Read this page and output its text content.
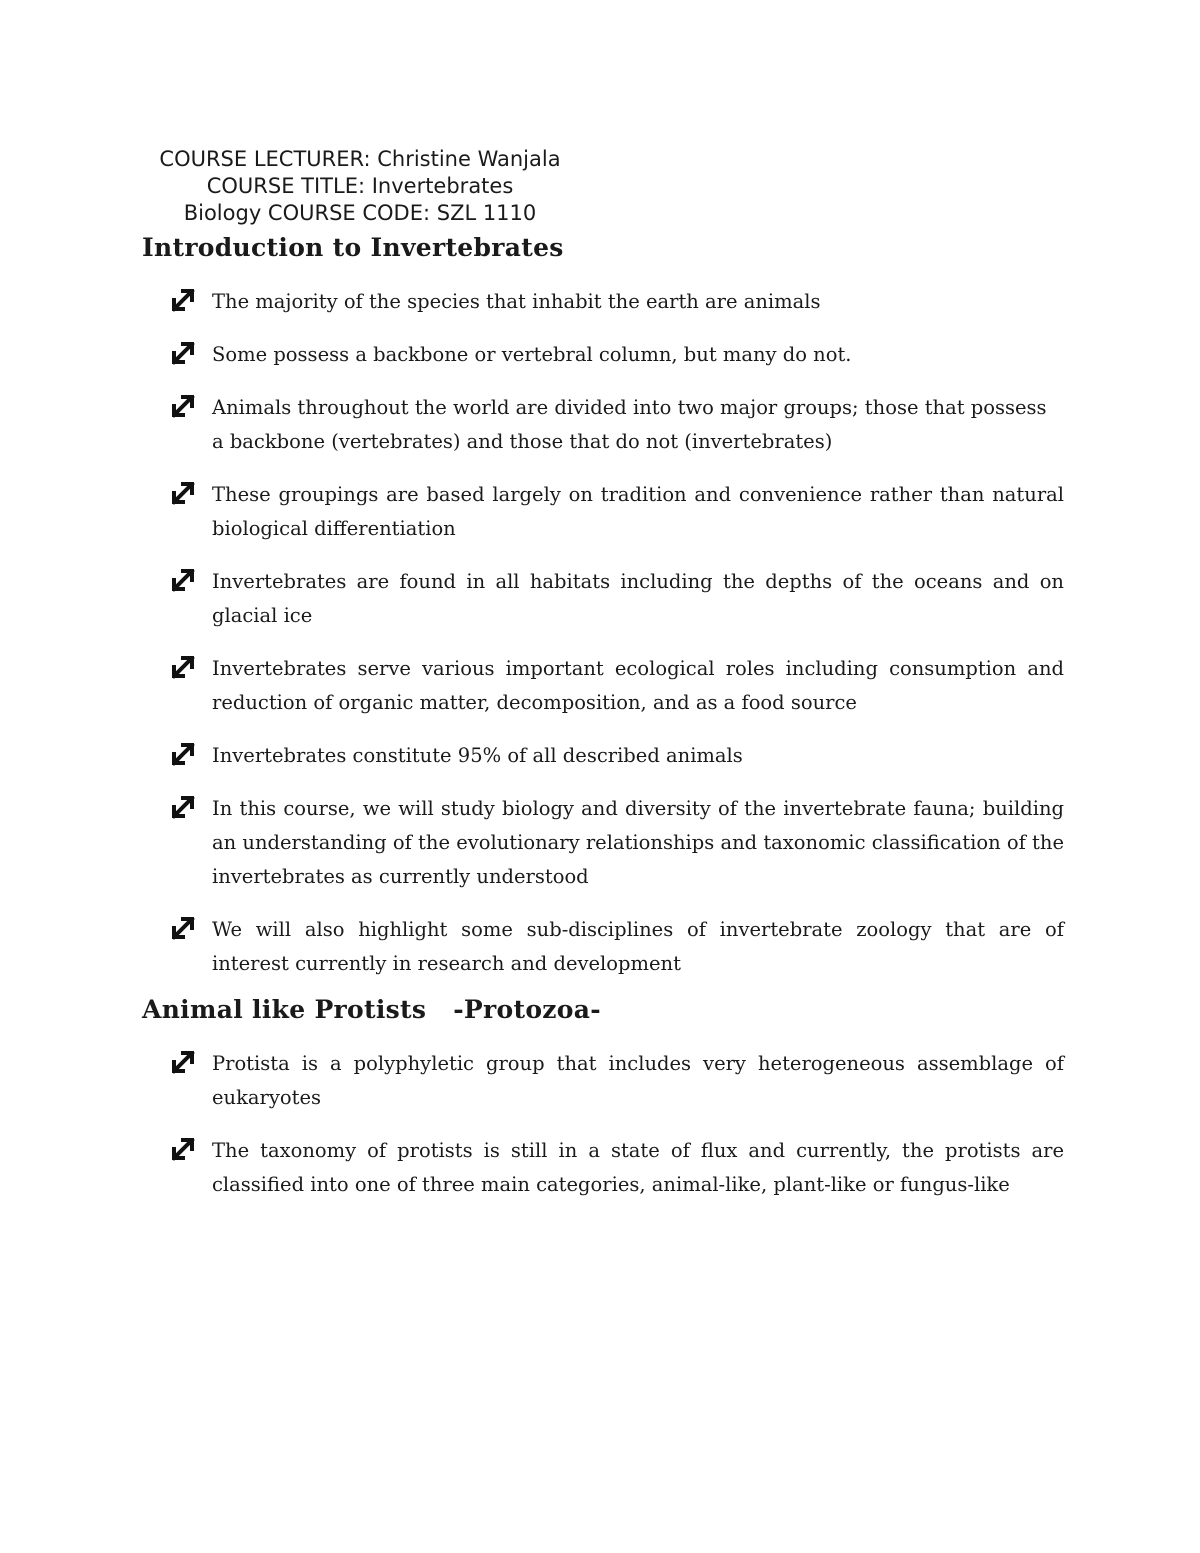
COURSE LECTURER: Christine Wanjala
COURSE TITLE: Invertebrates
Biology COURSE CODE: SZL 1110
Introduction to Invertebrates
The majority of the species that inhabit the earth are animals
Some possess a backbone or vertebral column, but many do not.
Animals throughout the world are divided into two major groups; those that possess a backbone (vertebrates) and those that do not (invertebrates)
These groupings are based largely on tradition and convenience rather than natural biological differentiation
Invertebrates are found in all habitats including the depths of the oceans and on glacial ice
Invertebrates serve various important ecological roles including consumption and reduction of organic matter, decomposition, and as a food source
Invertebrates constitute 95% of all described animals
In this course, we will study biology and diversity of the invertebrate fauna; building an understanding of the evolutionary relationships and taxonomic classification of the invertebrates as currently understood
We will also highlight some sub-disciplines of invertebrate zoology that are of interest currently in research and development
Animal like Protists   -Protozoa-
Protista is a polyphyletic group that includes very heterogeneous assemblage of eukaryotes
The taxonomy of protists is still in a state of flux and currently, the protists are classified into one of three main categories, animal-like, plant-like or fungus-like
